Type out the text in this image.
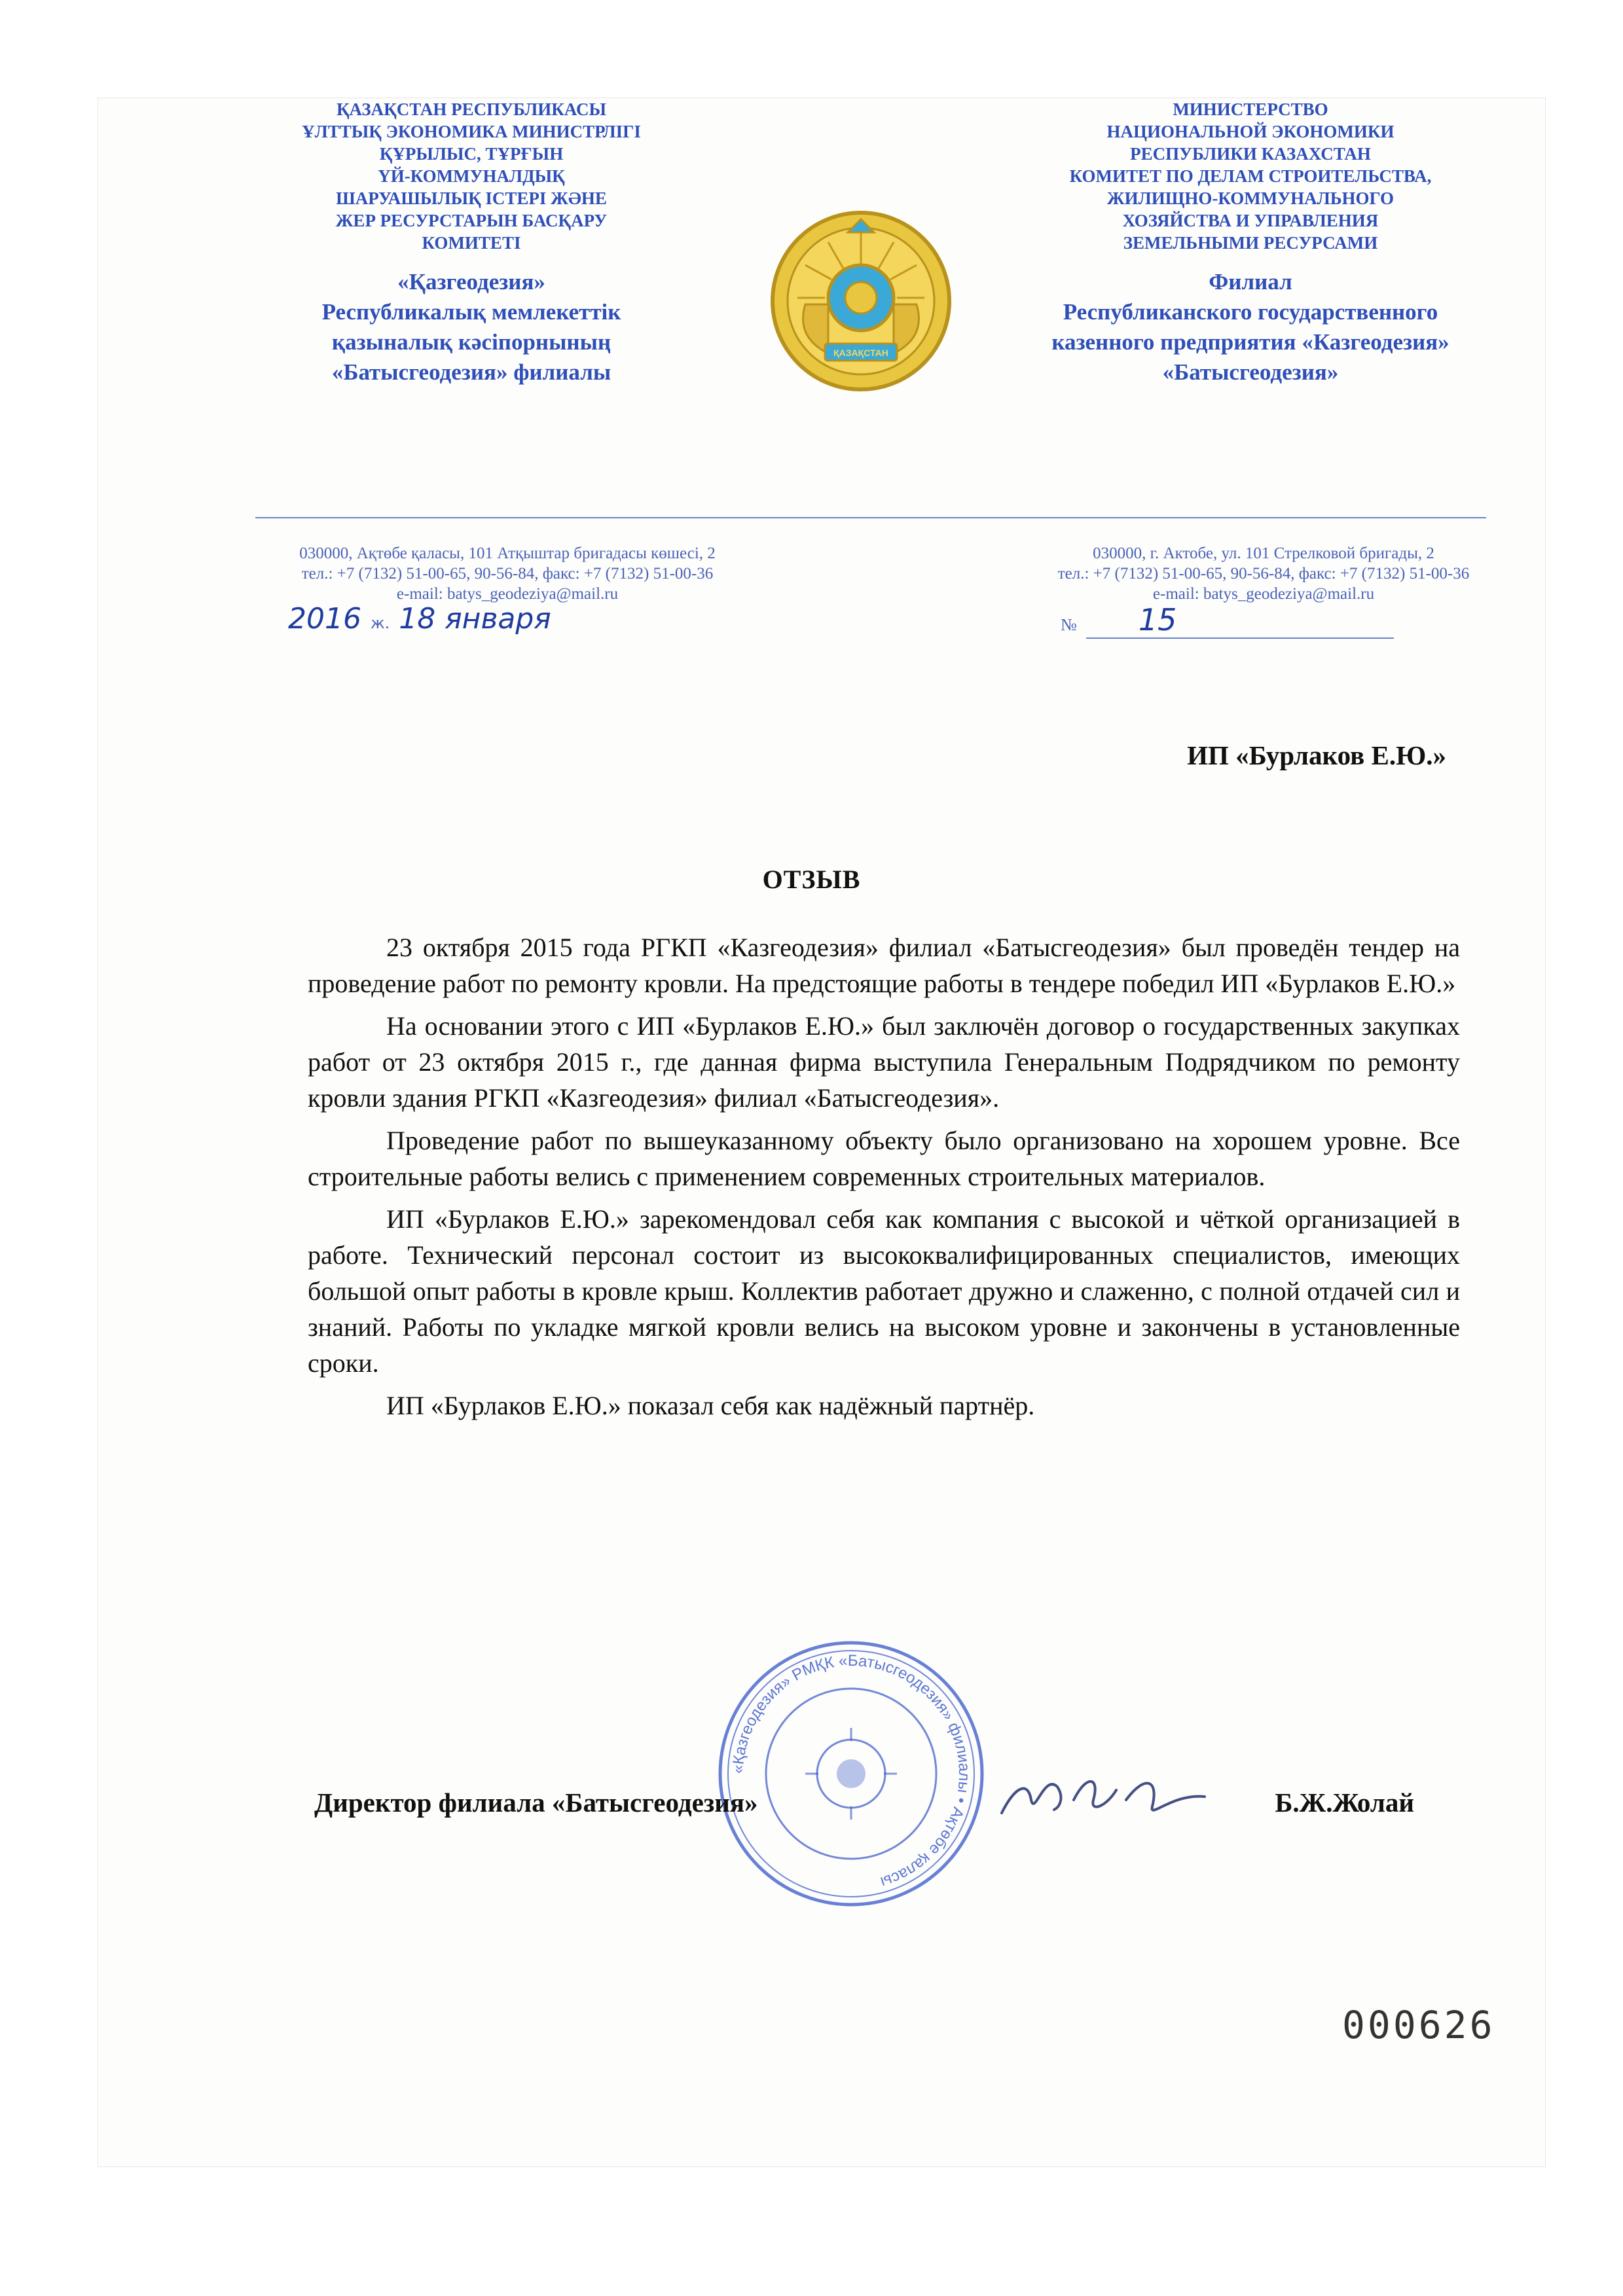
ҚАЗАҚСТАН РЕСПУБЛИКАСЫ
ҰЛТТЫҚ ЭКОНОМИКА МИНИСТРЛІГІ
ҚҰРЫЛЫС, ТҰРҒЫН
ҮЙ-КОММУНАЛДЫҚ
ШАРУАШЫЛЫҚ ІСТЕРІ ЖӘНЕ
ЖЕР РЕСУРСТАРЫН БАСҚАРУ
КОМИТЕТІ
«Қазгеодезия»
Республикалық мемлекеттік
қазыналық кәсіпорнының
«Батысгеодезия» филиалы
ҚАЗАҚСТАН
МИНИСТЕРСТВО
НАЦИОНАЛЬНОЙ ЭКОНОМИКИ
РЕСПУБЛИКИ КАЗАХСТАН
КОМИТЕТ ПО ДЕЛАМ СТРОИТЕЛЬСТВА,
ЖИЛИЩНО-КОММУНАЛЬНОГО
ХОЗЯЙСТВА И УПРАВЛЕНИЯ
ЗЕМЕЛЬНЫМИ РЕСУРСАМИ
Филиал
Республиканского государственного
казенного предприятия «Казгеодезия»
«Батысгеодезия»
030000, Ақтөбе қаласы, 101 Атқыштар бригадасы көшесі, 2
тел.: +7 (7132) 51-00-65, 90-56-84, факс: +7 (7132) 51-00-36
e-mail: batys_geodeziya@mail.ru
030000, г. Актобе, ул. 101 Стрелковой бригады, 2
тел.: +7 (7132) 51-00-65, 90-56-84, факс: +7 (7132) 51-00-36
e-mail: batys_geodeziya@mail.ru
2016 ж. 18 января	№ 15
ИП «Бурлаков Е.Ю.»
ОТЗЫВ

23 октября 2015 года РГКП «Казгеодезия» филиал «Батысгеодезия» был проведён тендер на проведение работ по ремонту кровли. На предстоящие работы в тендере победил ИП «Бурлаков Е.Ю.»

На основании этого с ИП «Бурлаков Е.Ю.» был заключён договор о государственных закупках работ от 23 октября 2015 г., где данная фирма выступила Генеральным Подрядчиком по ремонту кровли здания РГКП «Казгеодезия» филиал «Батысгеодезия».

Проведение работ по вышеуказанному объекту было организовано на хорошем уровне. Все строительные работы велись с применением современных строительных материалов.

ИП «Бурлаков Е.Ю.» зарекомендовал себя как компания с высокой и чёткой организацией в работе. Технический персонал состоит из высококвалифицированных специалистов, имеющих большой опыт работы в кровле крыш. Коллектив работает дружно и слаженно, с полной отдачей сил и знаний. Работы по укладке мягкой кровли велись на высоком уровне и закончены в установленные сроки.

ИП «Бурлаков Е.Ю.» показал себя как надёжный партнёр.

«Қазгеодезия» РМҚК «Батысгеодезия» филиалы • Ақтөбе қаласы
Директор филиала «Батысгеодезия»	Б.Ж.Жолай
000626
